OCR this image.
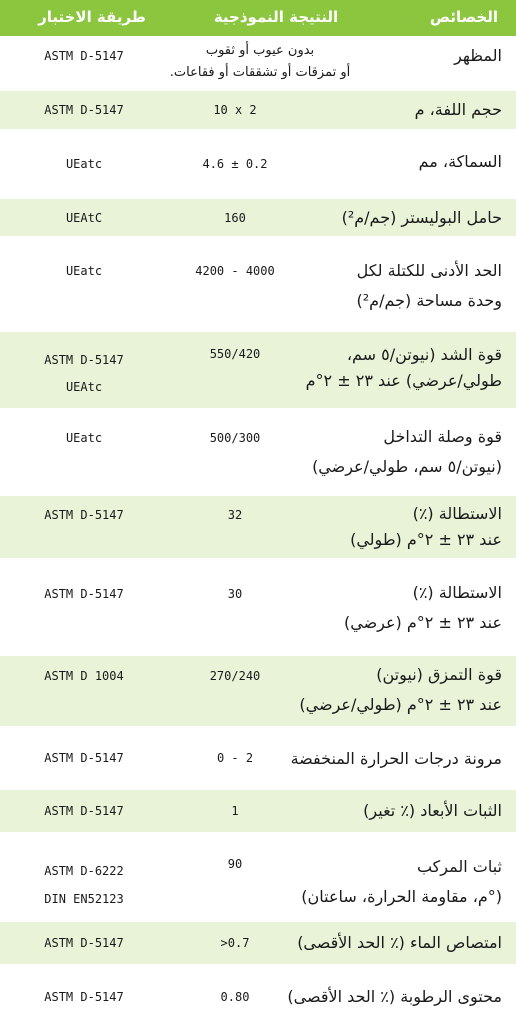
الخصائص
النتيجة النموذجية
طريقة الاختبار
المظهر
بدون عيوب أو ثقوب
أو تمزقات أو تشققات أو فقاعات.
ASTM D-5147
حجم اللفة، م
10 x 2
ASTM D-5147
السماكة، مم
4.6 ± 0.2
UEatc
حامل البوليستر (جم/م²)
160
UEAtC
الحد الأدنى للكتلة لكل
وحدة مساحة (جم/م²)
4200 - 4000
UEatc
قوة الشد (نيوتن/٥ سم،
طولي/عرضي) عند ٢٣ ± ٢°م
550/420
ASTM D-5147
UEAtc
قوة وصلة التداخل
(نيوتن/٥ سم، طولي/عرضي)
500/300
UEatc
الاستطالة (٪)
عند ٢٣ ± ٢°م (طولي)
32
ASTM D-5147
الاستطالة (٪)
عند ٢٣ ± ٢°م (عرضي)
30
ASTM D-5147
قوة التمزق (نيوتن)
عند ٢٣ ± ٢°م (طولي/عرضي)
270/240
ASTM D 1004
مرونة درجات الحرارة المنخفضة
0 - 2
ASTM D-5147
الثبات الأبعاد (٪ تغير)
1
ASTM D-5147
ثبات المركب
(°م، مقاومة الحرارة، ساعتان)
90
ASTM D-6222
DIN EN52123
امتصاص الماء (٪ الحد الأقصى)
>0.7
ASTM D-5147
محتوى الرطوبة (٪ الحد الأقصى)
0.80
ASTM D-5147
